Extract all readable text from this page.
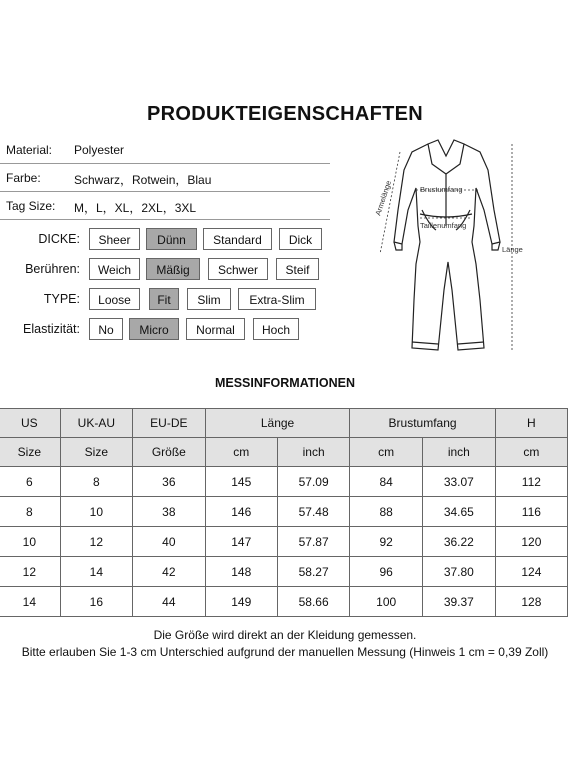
PRODUKTEIGENSCHAFTEN
Material: Polyester
Farbe:	Schwarz，Rotwein，Blau
Tag Size: M，L，XL，2XL，3XL
DICKE:	Sheer	Dünn	Standard	Dick
Berühren:	Weich	Mäßig	Schwer	Steif
TYPE:	Loose	Fit	Slim	Extra-Slim
Elastizität:	No	Micro	Normal	Hoch
Armelänge	Brustumfang
Taillenumfang
Länge
MESSINFORMATIONEN
US	UK-AU	EU-DE	Länge		Brustumfang		H
Size	Size	Größe	cm	inch	cm	inch	cm
6	8	36	145	57.09	84	33.07	112
8	10	38	146	57.48	88	34.65	116
10	12	40	147	57.87	92	36.22	120
12	14	42	148	58.27	96	37.80	124
14	16	44	149	58.66	100	39.37	128
Die Größe wird direkt an der Kleidung gemessen.
Bitte erlauben Sie 1-3 cm Unterschied aufgrund der manuellen Messung (Hinweis 1 cm = 0,39 Zoll)
